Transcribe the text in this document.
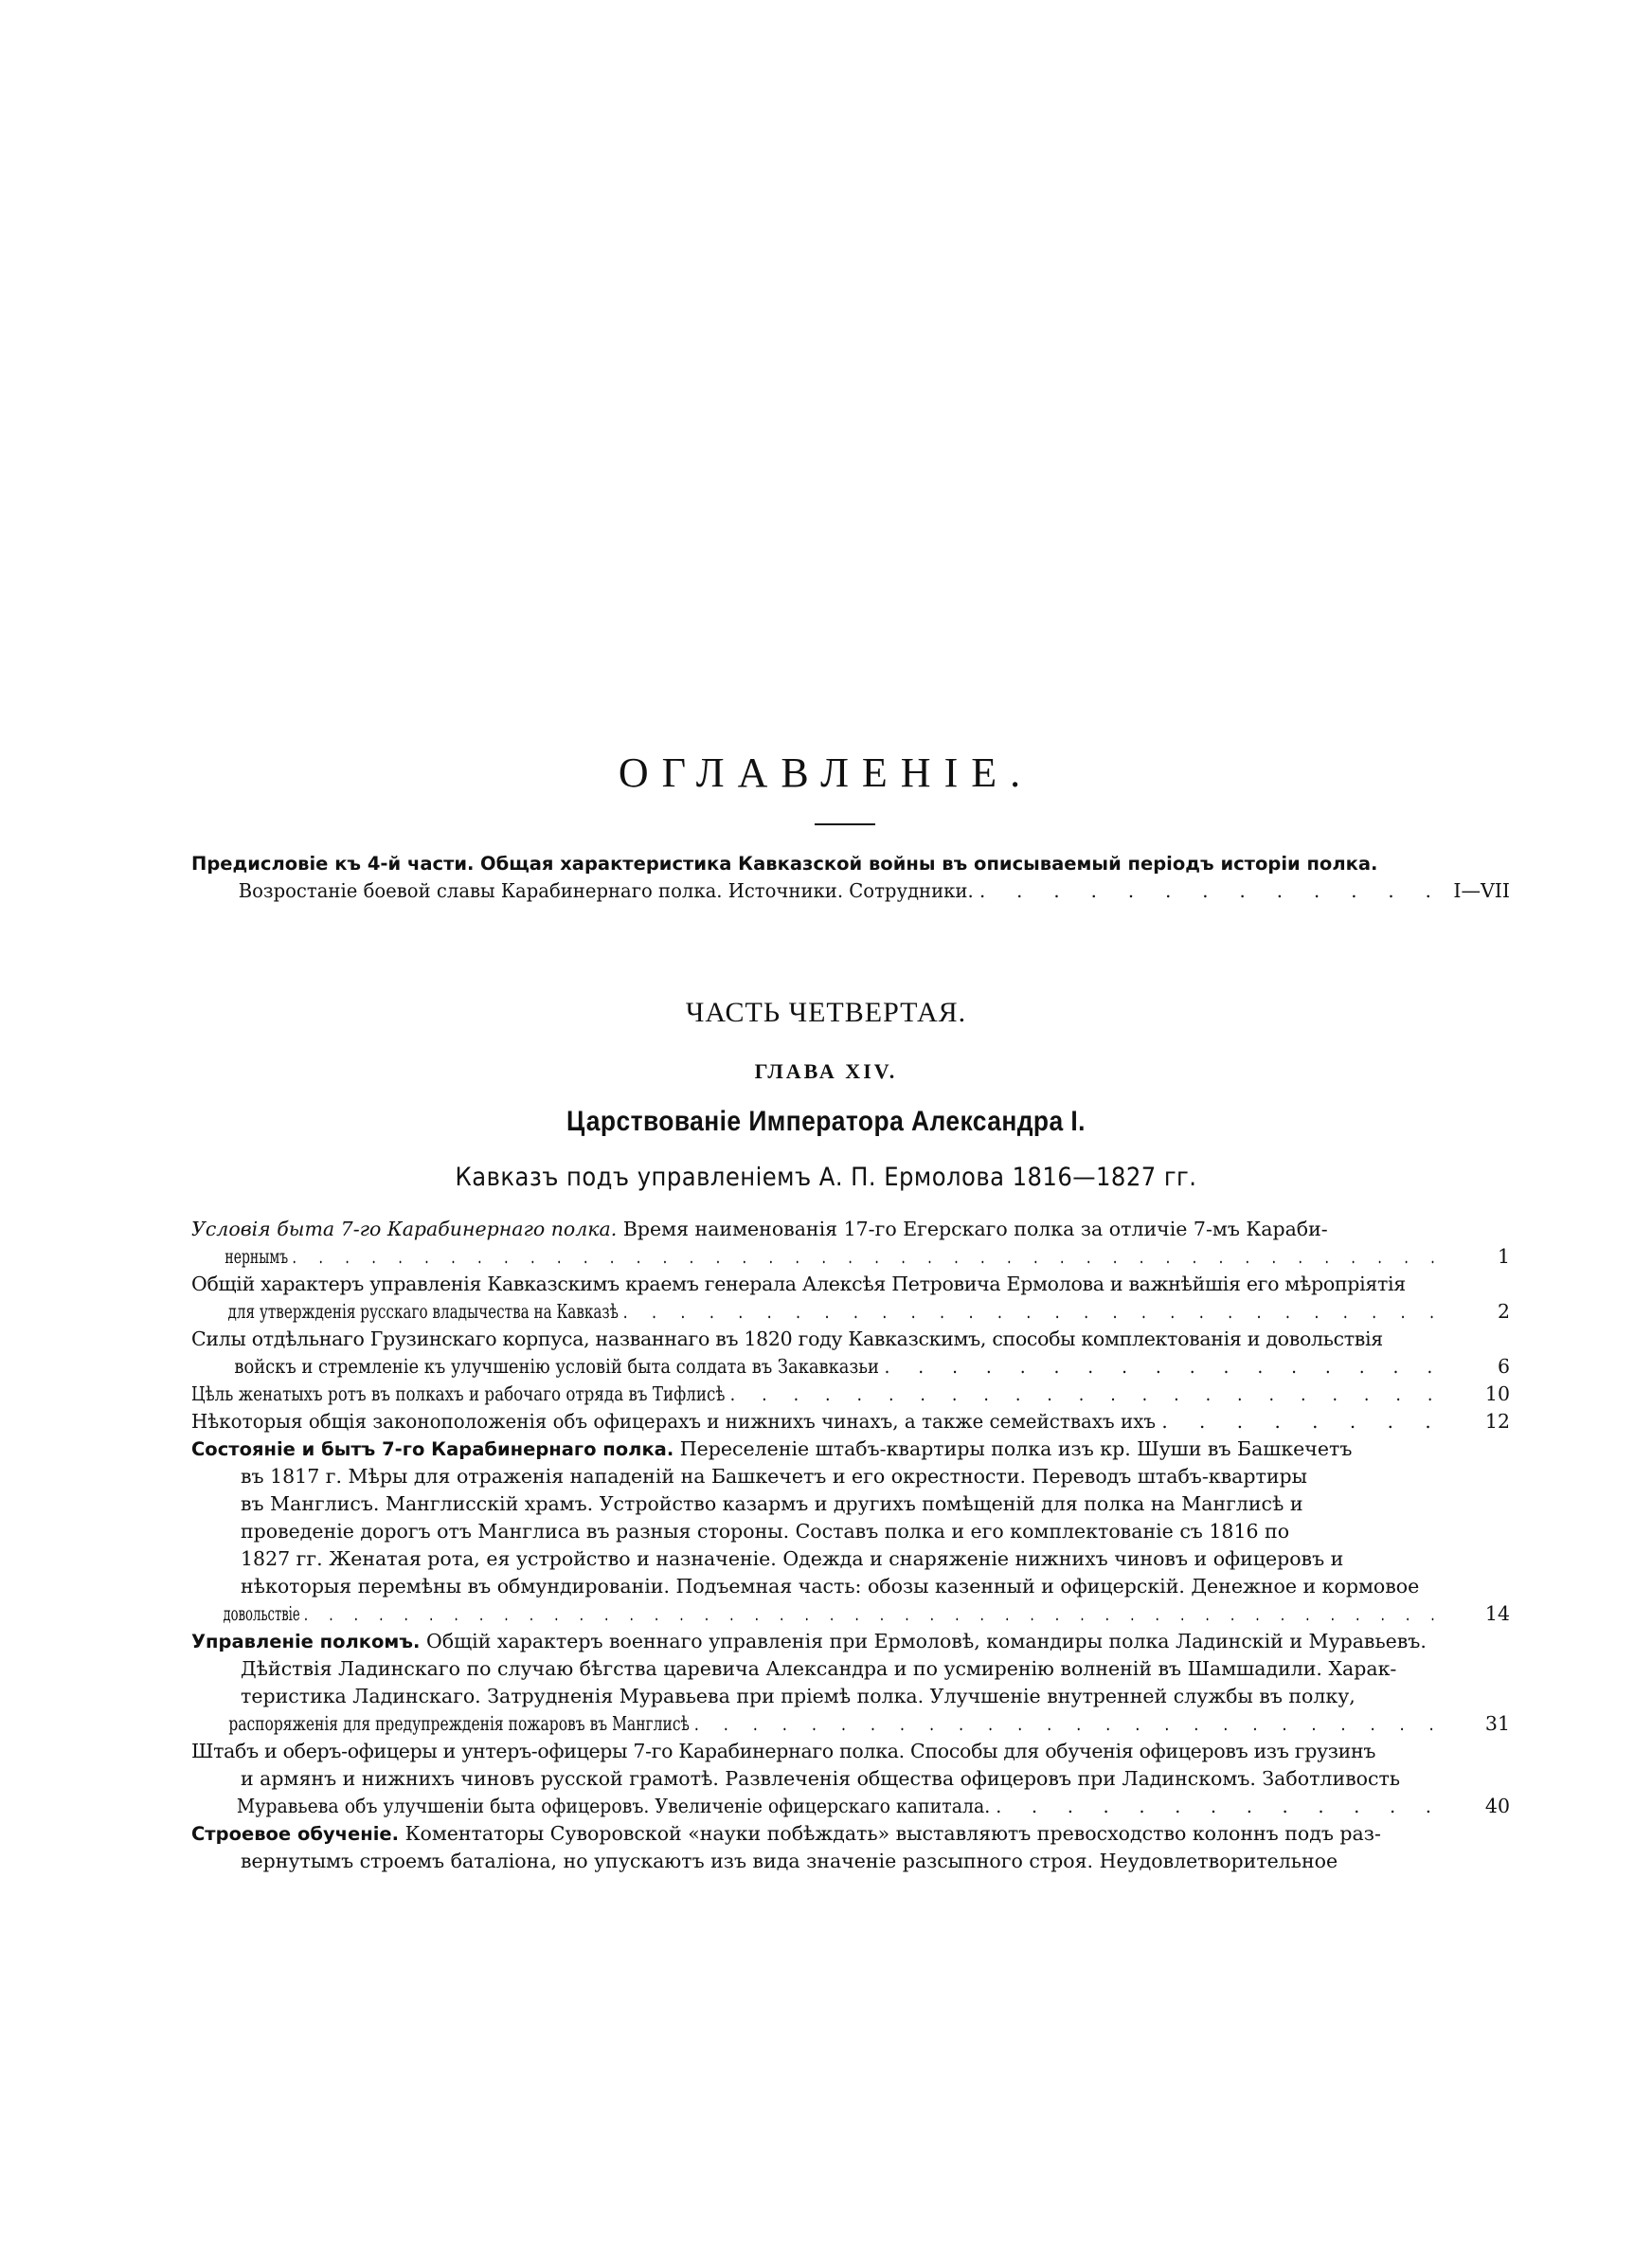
ОГЛАВЛЕНІЕ.
Предисловіе къ 4-й части. Общая характеристика Кавказской войны въ описываемый періодъ исторіи полка.
Возростаніе боевой славы Карабинернаго полка. Источники. Сотрудники. . . . . . . . . . . . . . I—VII
ЧАСТЬ ЧЕТВЕРТАЯ.
ГЛАВА XIV.
Царствованіе Императора Александра I.
Кавказъ подъ управленіемъ А. П. Ермолова 1816—1827 гг.
Условія быта 7-го Карабинернаго полка. Время наименованія 17-го Егерскаго полка за отличіе 7-мъ Караби-
нернымъ . . . . . . . . . . . . . . . . . . . . . . . . . . . . . . . . . . . . . . . . . . . .	1
Общій характеръ управленія Кавказскимъ краемъ генерала Алексѣя Петровича Ермолова и важнѣйшія его мѣропріятія
для утвержденія русскаго владычества на Кавказѣ . . . . . . . . . . . . . . . . . . . . . . . . . . . . .	2
Силы отдѣльнаго Грузинскаго корпуса, названнаго въ 1820 году Кавказскимъ, способы комплектованія и довольствія
войскъ и стремленіе къ улучшенію условій быта солдата въ Закавказьи . . . . . . . . . . . . . . . . .	6
Цѣль женатыхъ ротъ въ полкахъ и рабочаго отряда въ Тифлисѣ . . . . . . . . . . . . . . . . . . . . . . .	10
Нѣкоторыя общія законоположенія объ офицерахъ и нижнихъ чинахъ, а также семействахъ ихъ . . . . . . . .	12
Состояніе и бытъ 7-го Карабинернаго полка. Переселеніе штабъ-квартиры полка изъ кр. Шуши въ Башкечетъ
въ 1817 г. Мѣры для отраженія нападеній на Башкечетъ и его окрестности. Переводъ штабъ-квартиры
въ Манглисъ. Манглисскій храмъ. Устройство казармъ и другихъ помѣщеній для полка на Манглисѣ и
проведеніе дорогъ отъ Манглиса въ разныя стороны. Составъ полка и его комплектованіе съ 1816 по
1827 гг. Женатая рота, ея устройство и назначеніе. Одежда и снаряженіе нижнихъ чиновъ и офицеровъ и
нѣкоторыя перемѣны въ обмундированіи. Подъемная часть: обозы казенный и офицерскій. Денежное и кормовое
довольствіе . . . . . . . . . . . . . . . . . . . . . . . . . . . . . . . . . . . . . . . . . . . . . .	14
Управленіе полкомъ. Общій характеръ военнаго управленія при Ермоловѣ, командиры полка Ладинскій и Муравьевъ.
Дѣйствія Ладинскаго по случаю бѣгства царевича Александра и по усмиренію волненій въ Шамшадили. Харак-
теристика Ладинскаго. Затрудненія Муравьева при пріемѣ полка. Улучшеніе внутренней службы въ полку,
распоряженія для предупрежденія пожаровъ въ Манглисѣ . . . . . . . . . . . . . . . . . . . . . . . . . .	31
Штабъ и оберъ-офицеры и унтеръ-офицеры 7-го Карабинернаго полка. Способы для обученія офицеровъ изъ грузинъ
и армянъ и нижнихъ чиновъ русской грамотѣ. Развлеченія общества офицеровъ при Ладинскомъ. Заботливость
Муравьева объ улучшеніи быта офицеровъ. Увеличеніе офицерскаго капитала. . . . . . . . . . . . . .	40
Строевое обученіе. Коментаторы Суворовской «науки побѣждать» выставляютъ превосходство колоннъ подъ раз-
вернутымъ строемъ баталіона, но упускаютъ изъ вида значеніе разсыпного строя. Неудовлетворительное
